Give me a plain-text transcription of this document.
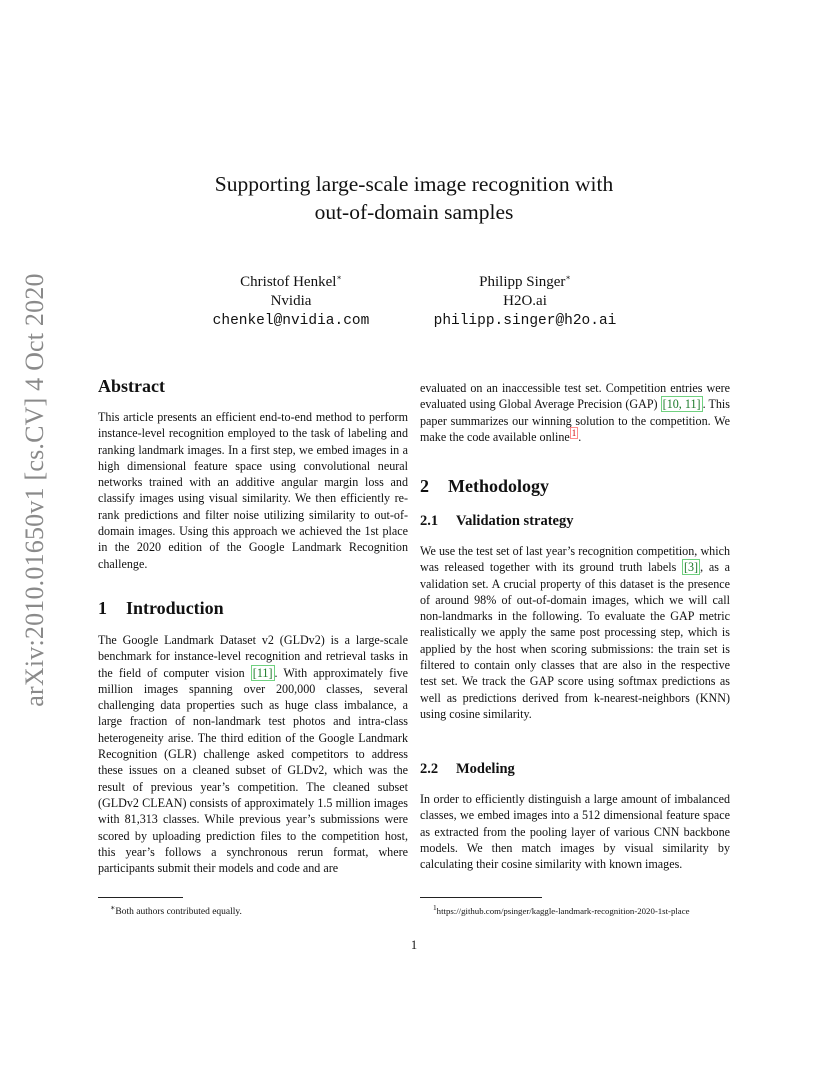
arXiv:2010.01650v1 [cs.CV] 4 Oct 2020
Supporting large-scale image recognition with
out-of-domain samples
Christof Henkel∗
Nvidia
chenkel@nvidia.com
Philipp Singer∗
H2O.ai
philipp.singer@h2o.ai
Abstract

This article presents an efficient end-to-end method to perform instance-level recognition employed to the task of labeling and ranking landmark images. In a first step, we embed images in a high dimensional feature space using convolutional neural networks trained with an additive angular margin loss and classify images using visual similarity. We then efficiently re-rank predictions and filter noise utilizing similarity to out-of-domain images. Using this approach we achieved the 1st place in the 2020 edition of the Google Landmark Recognition challenge.

1 Introduction

The Google Landmark Dataset v2 (GLDv2) is a large-scale benchmark for instance-level recognition and retrieval tasks in the field of computer vision [11] . With approximately five million images spanning over 200,000 classes, several challenging data properties such as huge class imbalance, a large fraction of non-landmark test photos and intra-class heterogeneity arise. The third edition of the Google Landmark Recognition (GLR) challenge asked competitors to address these issues on a cleaned subset of GLDv2, which was the result of previous year’s competition. The cleaned subset (GLDv2 CLEAN) consists of approximately 1.5 million images with 81,313 classes. While previous year’s submissions were scored by uploading prediction files to the competition host, this year’s follows a synchronous rerun format, where participants submit their models and code and are

∗Both authors contributed equally.

evaluated on an inaccessible test set. Competition entries were evaluated using Global Average Precision (GAP) [10, 11] . This paper summarizes our winning solution to the competition. We make the code available online $^1$ .

2 Methodology
2.1 Validation strategy

We use the test set of last year’s recognition competition, which was released together with its ground truth labels [3] , as a validation set. A crucial property of this dataset is the presence of around 98% of out-of-domain images, which we will call non-landmarks in the following. To evaluate the GAP metric realistically we apply the same post processing step, which is applied by the host when scoring submissions: the train set is filtered to contain only classes that are also in the respective test set. We track the GAP score using softmax predictions as well as predictions derived from k-nearest-neighbors (KNN) using cosine similarity.

2.2 Modeling

In order to efficiently distinguish a large amount of imbalanced classes, we embed images into a 512 dimensional feature space as extracted from the pooling layer of various CNN backbone models. We then match images by visual similarity by calculating their cosine similarity with known images.

$^1$https://github.com/psinger/kaggle-landmark-recognition-2020-1st-place
1
